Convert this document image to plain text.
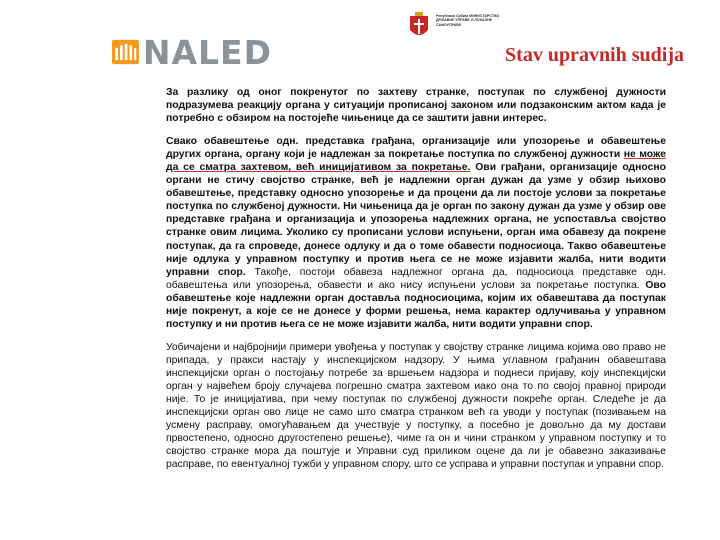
NALED
Република Србија МИНИСТАРСТВО ДРЖАВНЕ УПРАВЕ И ЛОКАЛНЕ САМОУПРАВЕ
Stav upravnih sudija

За разлику од оног покренутог по захтеву странке, поступак по службеној дужности подразумева реакцију органа у ситуацији прописаној законом или подзаконским актом када је потребно с обзиром на постојеће чињенице да се заштити јавни интерес.

Свако обавештење одн. представка грађана, организације или упозорење и обавештење других органа, органу који је надлежан за покретање поступка по службеној дужности не може да се сматра захтевом, већ иницијативом за покретање. Ови грађани, организације односно органи не стичу својство странке, већ је надлежни орган дужан да узме у обзир њихово обавештење, представку односно упозорење и да процени да ли постоје услови за покретање поступка по службеној дужности. Ни чињеница да је орган по закону дужан да узме у обзир ове представке грађана и организација и упозорења надлежних органа, не успоставља својство странке овим лицима. Уколико су прописани услови испуњени, орган има обавезу да покрене поступак, да га спроведе, донесе одлуку и да о томе обавести подносиоца. Такво обавештење није одлука у управном поступку и против њега се не може изјавити жалба, нити водити управни спор. Такође, постоји обавеза надлежног органа да, подносиоца представке одн. обавештења или упозорења, обавести и ако нису испуњени услови за покретање поступка. Ово обавештење које надлежни орган доставља подносиоцима, којим их обавештава да поступак није покренут, а које се не донесе у форми решења, нема карактер одлучивања у управном поступку и ни против њега се не може изјавити жалба, нити водити управни спор.

Уобичајени и најбројнији примери увођења у поступак у својству странке лицима којима ово право не припада, у пракси настају у инспекцијском надзору. У њима углавном грађанин обавештава инспекцијски орган о постојању потребе за вршењем надзора и поднеси пријаву, коју инспекцијски орган у највећем броју случајева погрешно сматра захтевом иако она то по својој правној природи није. То је иницијатива, при чему поступак по службеној дужности покреће орган. Следеће је да инспекцијски орган ово лице не само што сматра странком већ га уводи у поступак (позивањем на усмену расправу, омогућавањем да учествује у поступку, а посебно је довољно да му достави првостепено, односно другостепено решење), чиме га он и чини странком у управном поступку и то својство странке мора да поштује и Управни суд приликом оцене да ли је обавезно заказивање расправе, по евентуалној тужби у управном спору, што се усправа и управни поступак и управни спор.
